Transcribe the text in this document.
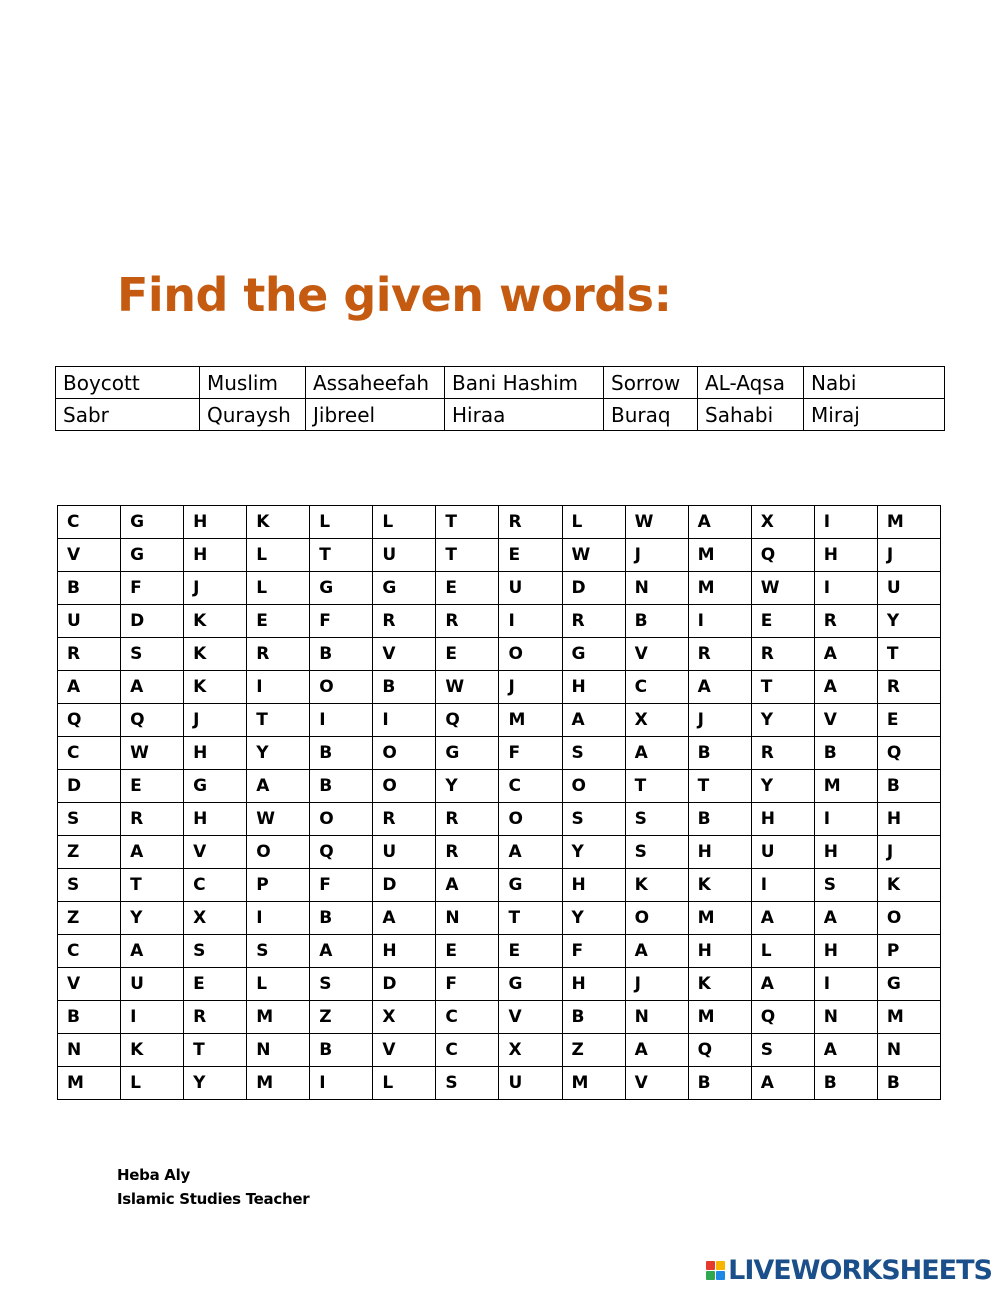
Find the given words:
Boycott	Muslim	Assaheefah	Bani Hashim	Sorrow	AL-Aqsa	Nabi
Sabr	Quraysh	Jibreel	Hiraa	Buraq	Sahabi	Miraj
C	G	H	K	L	L	T	R	L	W	A	X	I	M
V	G	H	L	T	U	T	E	W	J	M	Q	H	J
B	F	J	L	G	G	E	U	D	N	M	W	I	U
U	D	K	E	F	R	R	I	R	B	I	E	R	Y
R	S	K	R	B	V	E	O	G	V	R	R	A	T
A	A	K	I	O	B	W	J	H	C	A	T	A	R
Q	Q	J	T	I	I	Q	M	A	X	J	Y	V	E
C	W	H	Y	B	O	G	F	S	A	B	R	B	Q
D	E	G	A	B	O	Y	C	O	T	T	Y	M	B
S	R	H	W	O	R	R	O	S	S	B	H	I	H
Z	A	V	O	Q	U	R	A	Y	S	H	U	H	J
S	T	C	P	F	D	A	G	H	K	K	I	S	K
Z	Y	X	I	B	A	N	T	Y	O	M	A	A	O
C	A	S	S	A	H	E	E	F	A	H	L	H	P
V	U	E	L	S	D	F	G	H	J	K	A	I	G
B	I	R	M	Z	X	C	V	B	N	M	Q	N	M
N	K	T	N	B	V	C	X	Z	A	Q	S	A	N
M	L	Y	M	I	L	S	U	M	V	B	A	B	B
Heba Aly
Islamic Studies Teacher
LIVEWORKSHEETS
